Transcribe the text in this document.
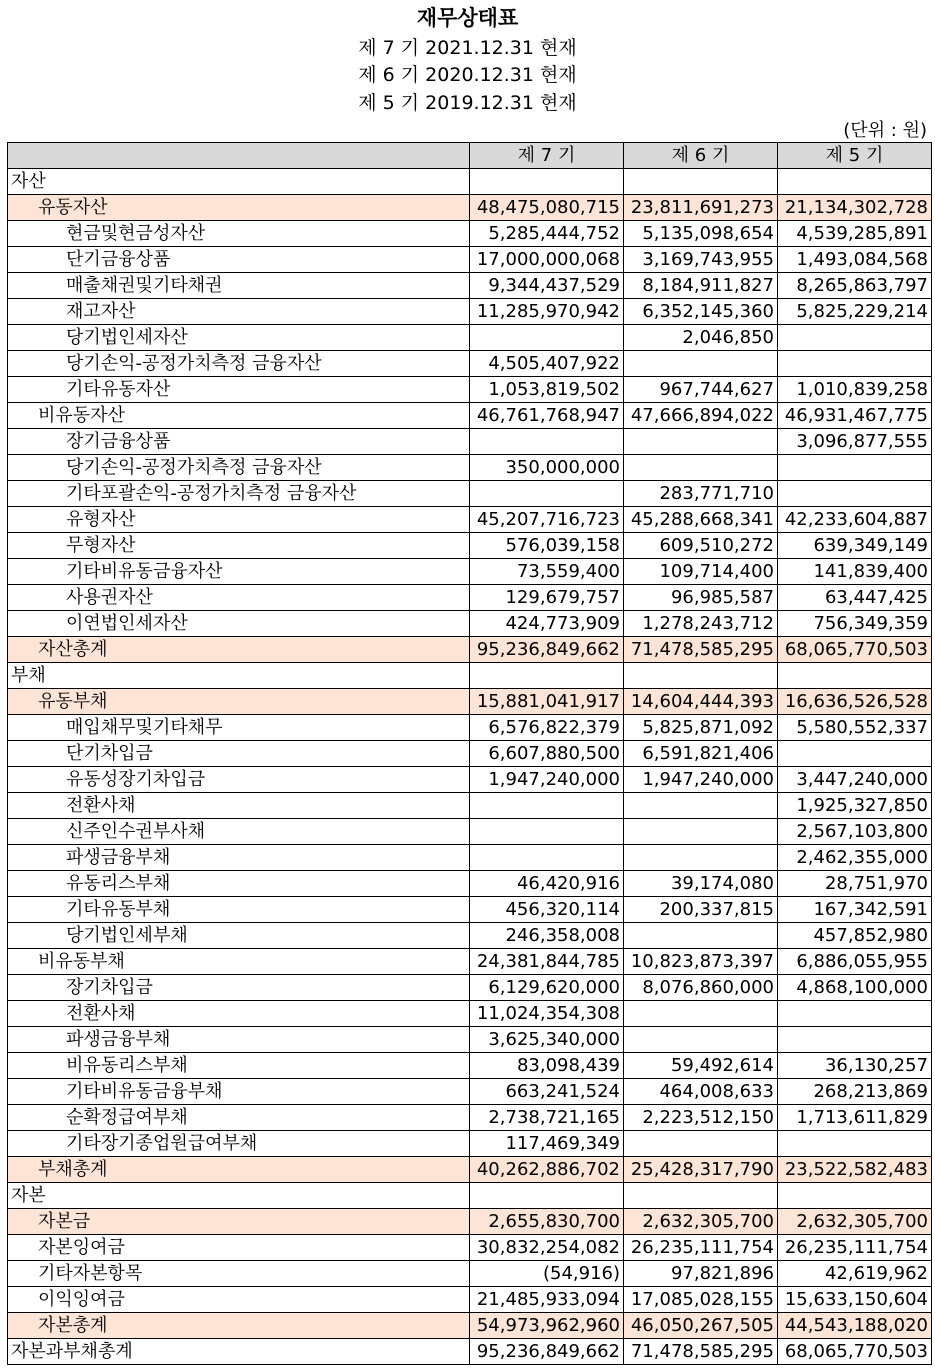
재무상태표
제 7 기 2021.12.31 현재
제 6 기 2020.12.31 현재
제 5 기 2019.12.31 현재
(단위 : 원)
	제 7 기	제 6 기	제 5 기
자산			
유동자산	48,475,080,715	23,811,691,273	21,134,302,728
현금및현금성자산	5,285,444,752	5,135,098,654	4,539,285,891
단기금융상품	17,000,000,068	3,169,743,955	1,493,084,568
매출채권및기타채권	9,344,437,529	8,184,911,827	8,265,863,797
재고자산	11,285,970,942	6,352,145,360	5,825,229,214
당기법인세자산		2,046,850	
당기손익-공정가치측정 금융자산	4,505,407,922		
기타유동자산	1,053,819,502	967,744,627	1,010,839,258
비유동자산	46,761,768,947	47,666,894,022	46,931,467,775
장기금융상품			3,096,877,555
당기손익-공정가치측정 금융자산	350,000,000		
기타포괄손익-공정가치측정 금융자산		283,771,710	
유형자산	45,207,716,723	45,288,668,341	42,233,604,887
무형자산	576,039,158	609,510,272	639,349,149
기타비유동금융자산	73,559,400	109,714,400	141,839,400
사용권자산	129,679,757	96,985,587	63,447,425
이연법인세자산	424,773,909	1,278,243,712	756,349,359
자산총계	95,236,849,662	71,478,585,295	68,065,770,503
부채			
유동부채	15,881,041,917	14,604,444,393	16,636,526,528
매입채무및기타채무	6,576,822,379	5,825,871,092	5,580,552,337
단기차입금	6,607,880,500	6,591,821,406	
유동성장기차입금	1,947,240,000	1,947,240,000	3,447,240,000
전환사채			1,925,327,850
신주인수권부사채			2,567,103,800
파생금융부채			2,462,355,000
유동리스부채	46,420,916	39,174,080	28,751,970
기타유동부채	456,320,114	200,337,815	167,342,591
당기법인세부채	246,358,008		457,852,980
비유동부채	24,381,844,785	10,823,873,397	6,886,055,955
장기차입금	6,129,620,000	8,076,860,000	4,868,100,000
전환사채	11,024,354,308		
파생금융부채	3,625,340,000		
비유동리스부채	83,098,439	59,492,614	36,130,257
기타비유동금융부채	663,241,524	464,008,633	268,213,869
순확정급여부채	2,738,721,165	2,223,512,150	1,713,611,829
기타장기종업원급여부채	117,469,349		
부채총계	40,262,886,702	25,428,317,790	23,522,582,483
자본			
자본금	2,655,830,700	2,632,305,700	2,632,305,700
자본잉여금	30,832,254,082	26,235,111,754	26,235,111,754
기타자본항목	(54,916)	97,821,896	42,619,962
이익잉여금	21,485,933,094	17,085,028,155	15,633,150,604
자본총계	54,973,962,960	46,050,267,505	44,543,188,020
자본과부채총계	95,236,849,662	71,478,585,295	68,065,770,503
